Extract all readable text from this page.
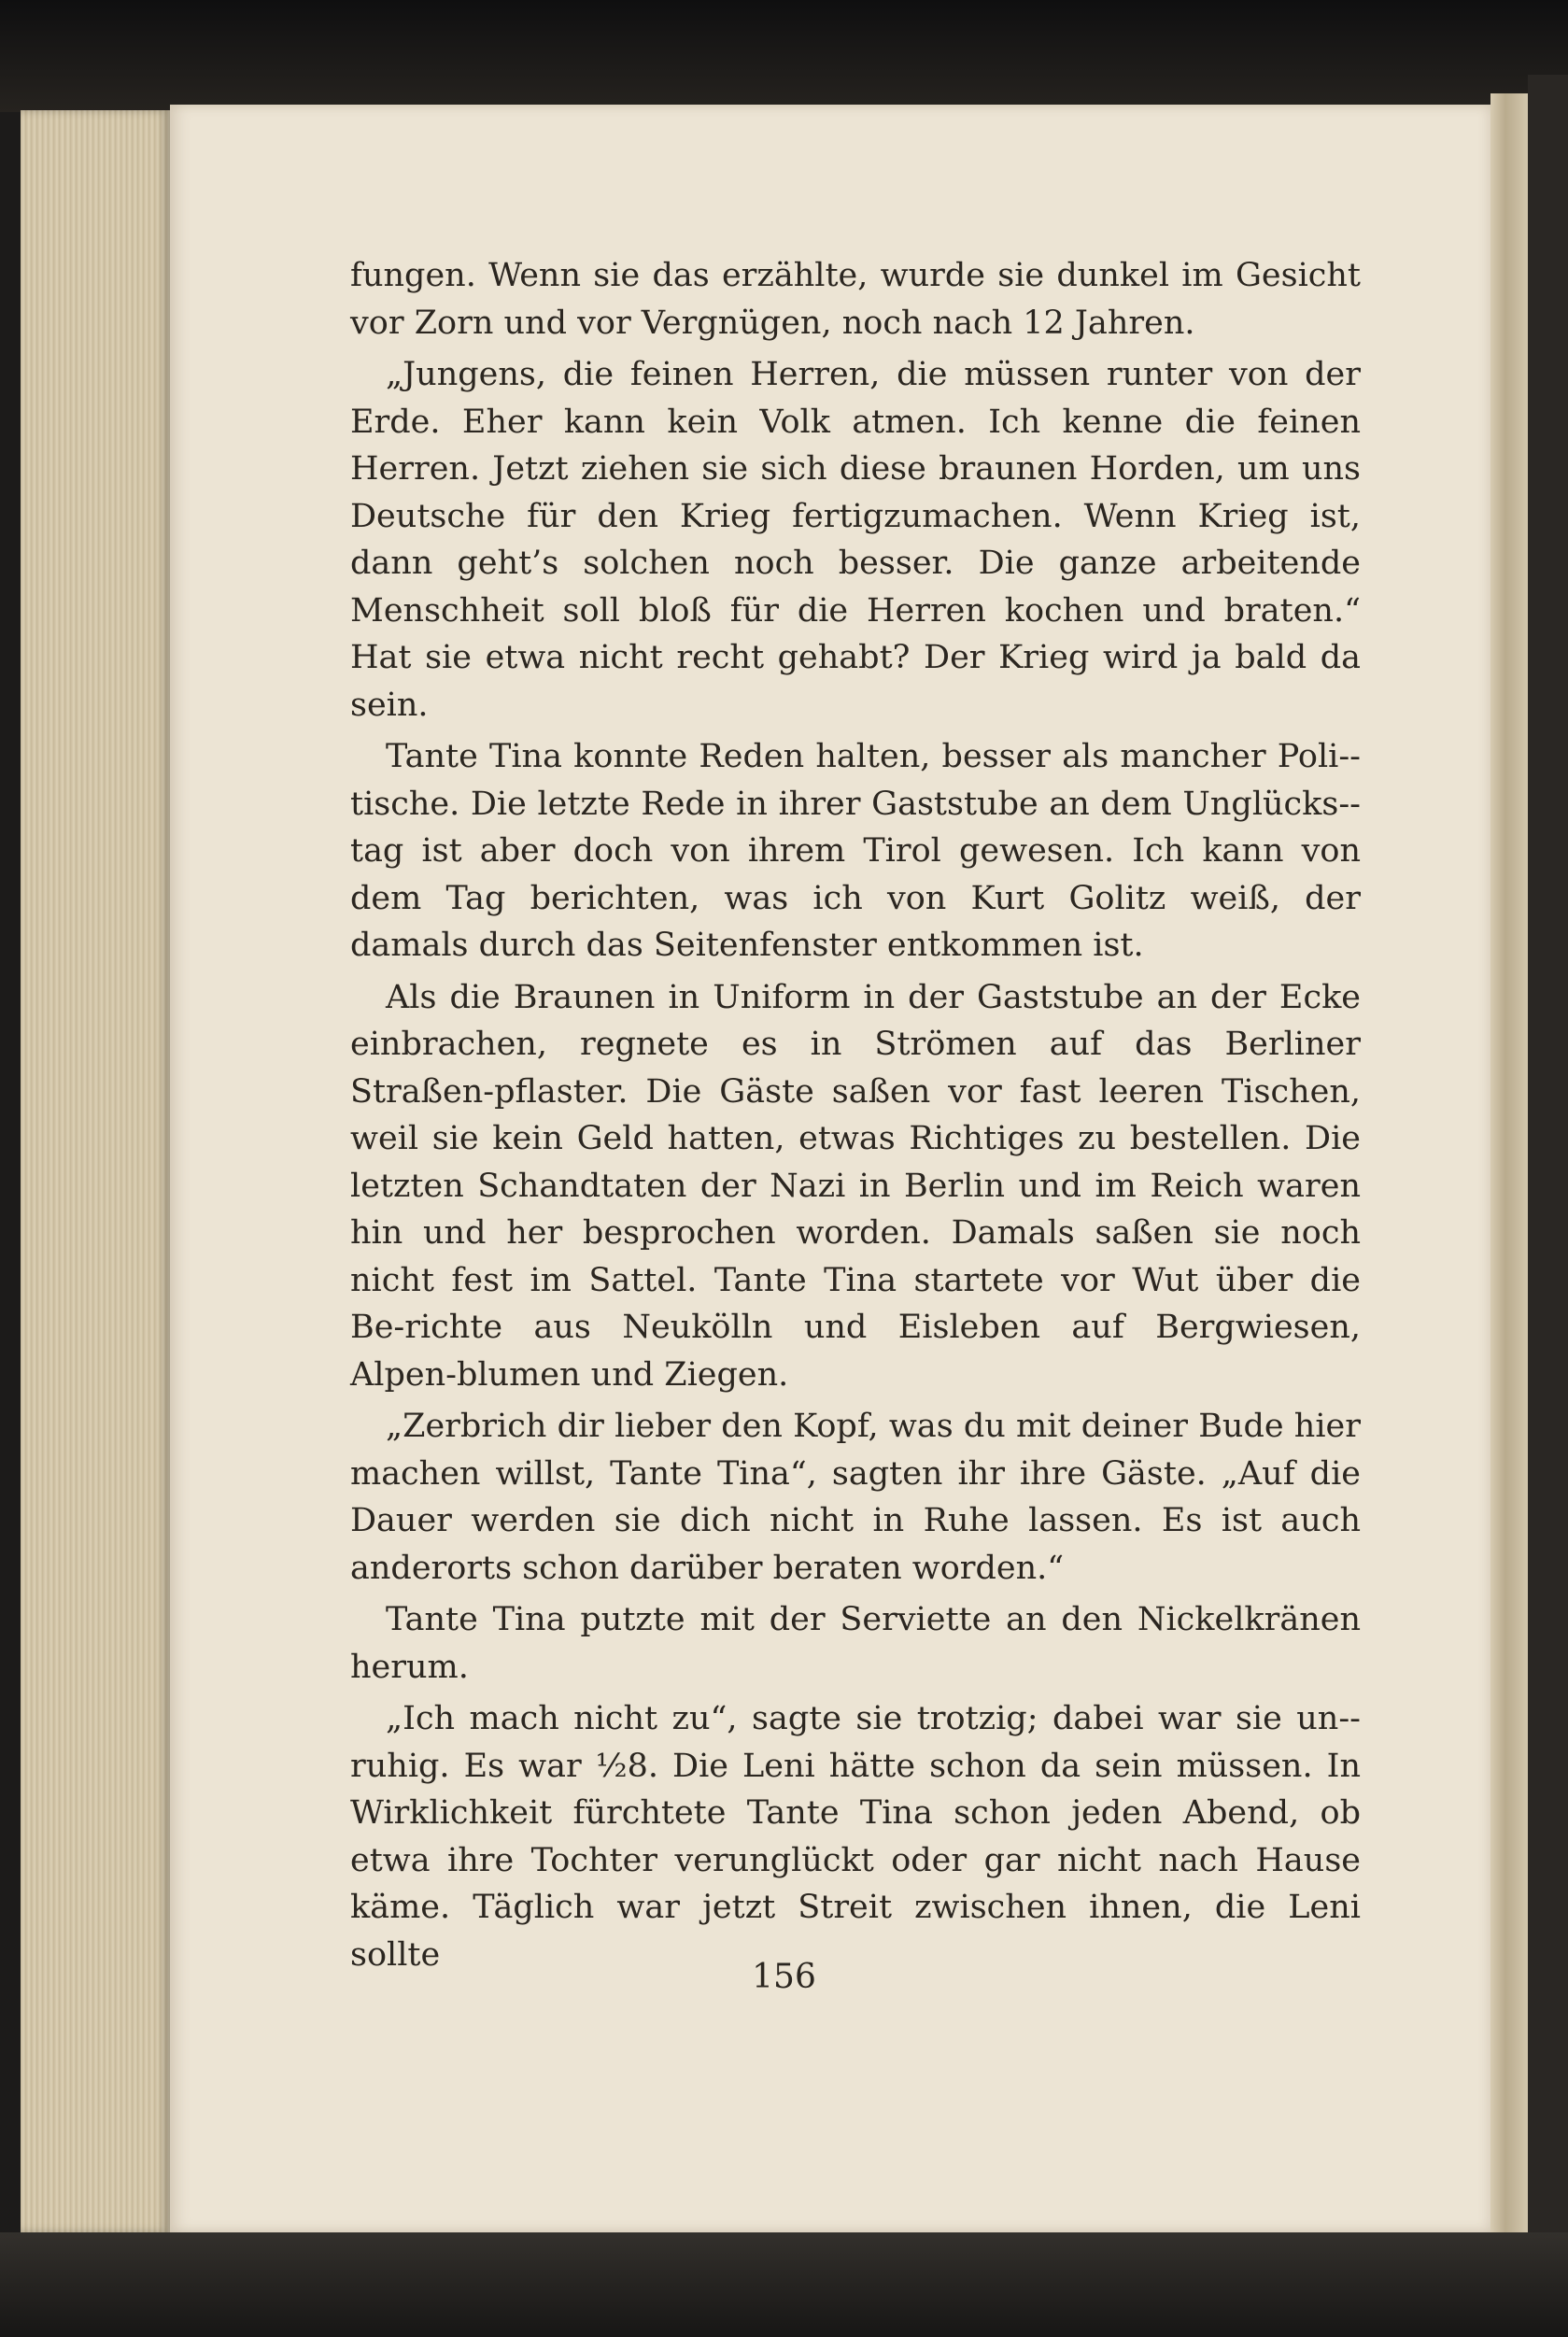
fungen. Wenn sie das erzählte, wurde sie dunkel im Gesicht vor Zorn und vor Vergnügen, noch nach 12 Jahren.

„Jungens, die feinen Herren, die müssen runter von der Erde. Eher kann kein Volk atmen. Ich kenne die feinen Herren. Jetzt ziehen sie sich diese braunen Horden, um uns Deutsche für den Krieg fertigzumachen. Wenn Krieg ist, dann geht’s solchen noch besser. Die ganze arbeitende Menschheit soll bloß für die Herren kochen und braten.“ Hat sie etwa nicht recht gehabt? Der Krieg wird ja bald da sein.

Tante Tina konnte Reden halten, besser als mancher Poli-tische. Die letzte Rede in ihrer Gaststube an dem Unglücks-tag ist aber doch von ihrem Tirol gewesen. Ich kann von dem Tag berichten, was ich von Kurt Golitz weiß, der damals durch das Seitenfenster entkommen ist.

Als die Braunen in Uniform in der Gaststube an der Ecke einbrachen, regnete es in Strömen auf das Berliner Straßen-pflaster. Die Gäste saßen vor fast leeren Tischen, weil sie kein Geld hatten, etwas Richtiges zu bestellen. Die letzten Schandtaten der Nazi in Berlin und im Reich waren hin und her besprochen worden. Damals saßen sie noch nicht fest im Sattel. Tante Tina startete vor Wut über die Be-richte aus Neukölln und Eisleben auf Bergwiesen, Alpen-blumen und Ziegen.

„Zerbrich dir lieber den Kopf, was du mit deiner Bude hier machen willst, Tante Tina“, sagten ihr ihre Gäste. „Auf die Dauer werden sie dich nicht in Ruhe lassen. Es ist auch anderorts schon darüber beraten worden.“

Tante Tina putzte mit der Serviette an den Nickelkränen herum.

„Ich mach nicht zu“, sagte sie trotzig; dabei war sie un-ruhig. Es war ½8. Die Leni hätte schon da sein müssen. In Wirklichkeit fürchtete Tante Tina schon jeden Abend, ob etwa ihre Tochter verunglückt oder gar nicht nach Hause käme. Täglich war jetzt Streit zwischen ihnen, die Leni sollte

156
